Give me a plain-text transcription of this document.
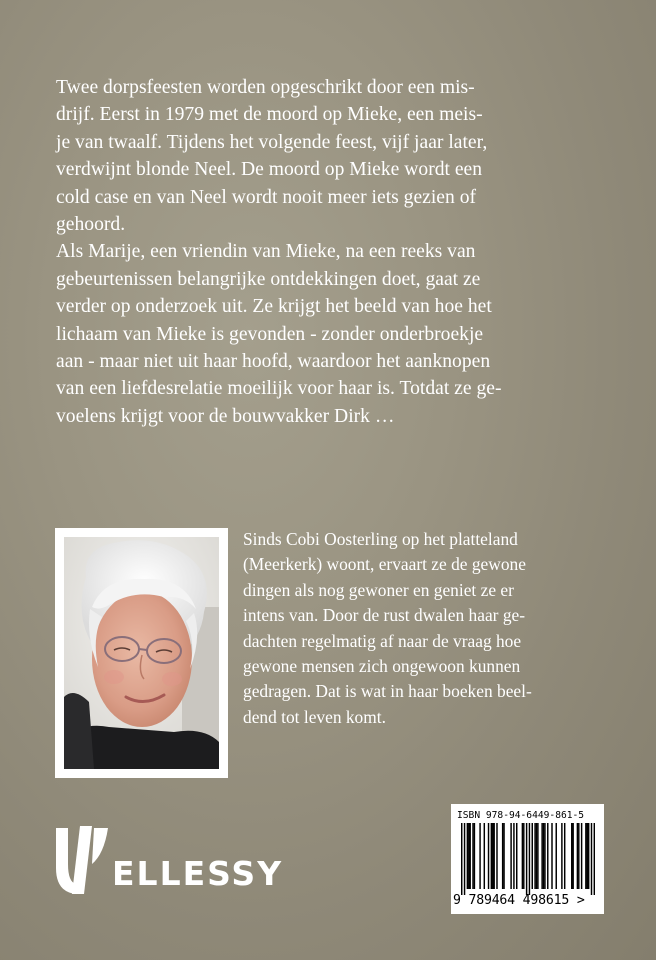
Twee dorpsfeesten worden opgeschrikt door een mis-
drijf. Eerst in 1979 met de moord op Mieke, een meis-
je van twaalf. Tijdens het volgende feest, vijf jaar later,
verdwijnt blonde Neel. De moord op Mieke wordt een
cold case en van Neel wordt nooit meer iets gezien of
gehoord.

Als Marije, een vriendin van Mieke, na een reeks van
gebeurtenissen belangrijke ontdekkingen doet, gaat ze
verder op onderzoek uit. Ze krijgt het beeld van hoe het
lichaam van Mieke is gevonden - zonder onderbroekje
aan - maar niet uit haar hoofd, waardoor het aanknopen
van een liefdesrelatie moeilijk voor haar is. Totdat ze ge-
voelens krijgt voor de bouwvakker Dirk …

Sinds Cobi Oosterling op het platteland
(Meerkerk) woont, ervaart ze de gewone
dingen als nog gewoner en geniet ze er
intens van. Door de rust dwalen haar ge-
dachten regelmatig af naar de vraag hoe
gewone mensen zich ongewoon kunnen
gedragen. Dat is wat in haar boeken beel-
dend tot leven komt.

ELLESSY
ISBN 978-94-6449-861-5
9 789464 498615 >
